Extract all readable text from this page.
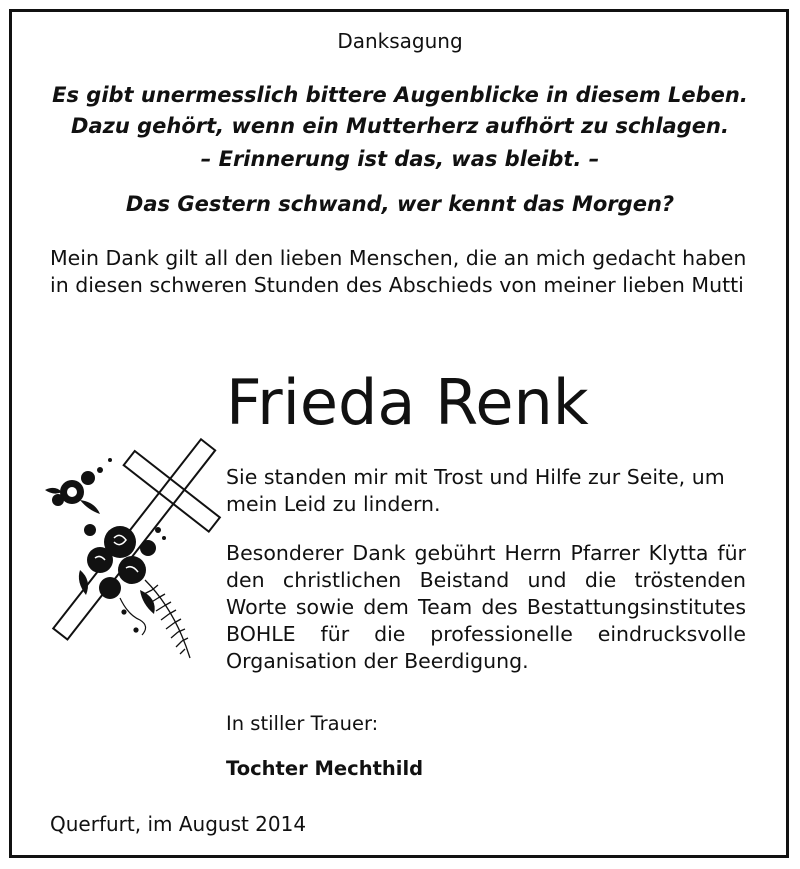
Danksagung

Es gibt unermesslich bittere Augenblicke in diesem Leben.
Dazu gehört, wenn ein Mutterherz aufhört zu schlagen.

– Erinnerung ist das, was bleibt. –

Das Gestern schwand, wer kennt das Morgen?

Mein Dank gilt all den lieben Menschen, die an mich gedacht haben in diesen schweren Stunden des Abschieds von meiner lieben Mutti

Frieda Renk

Sie standen mir mit Trost und Hilfe zur Seite, um mein Leid zu lindern.

Besonderer Dank gebührt Herrn Pfarrer Klytta für den christlichen Beistand und die tröstenden Worte sowie dem Team des Bestattungsinstitutes BOHLE für die professionelle eindrucksvolle Organisation der Beerdigung.

In stiller Trauer:

Tochter Mechthild

Querfurt, im August 2014
